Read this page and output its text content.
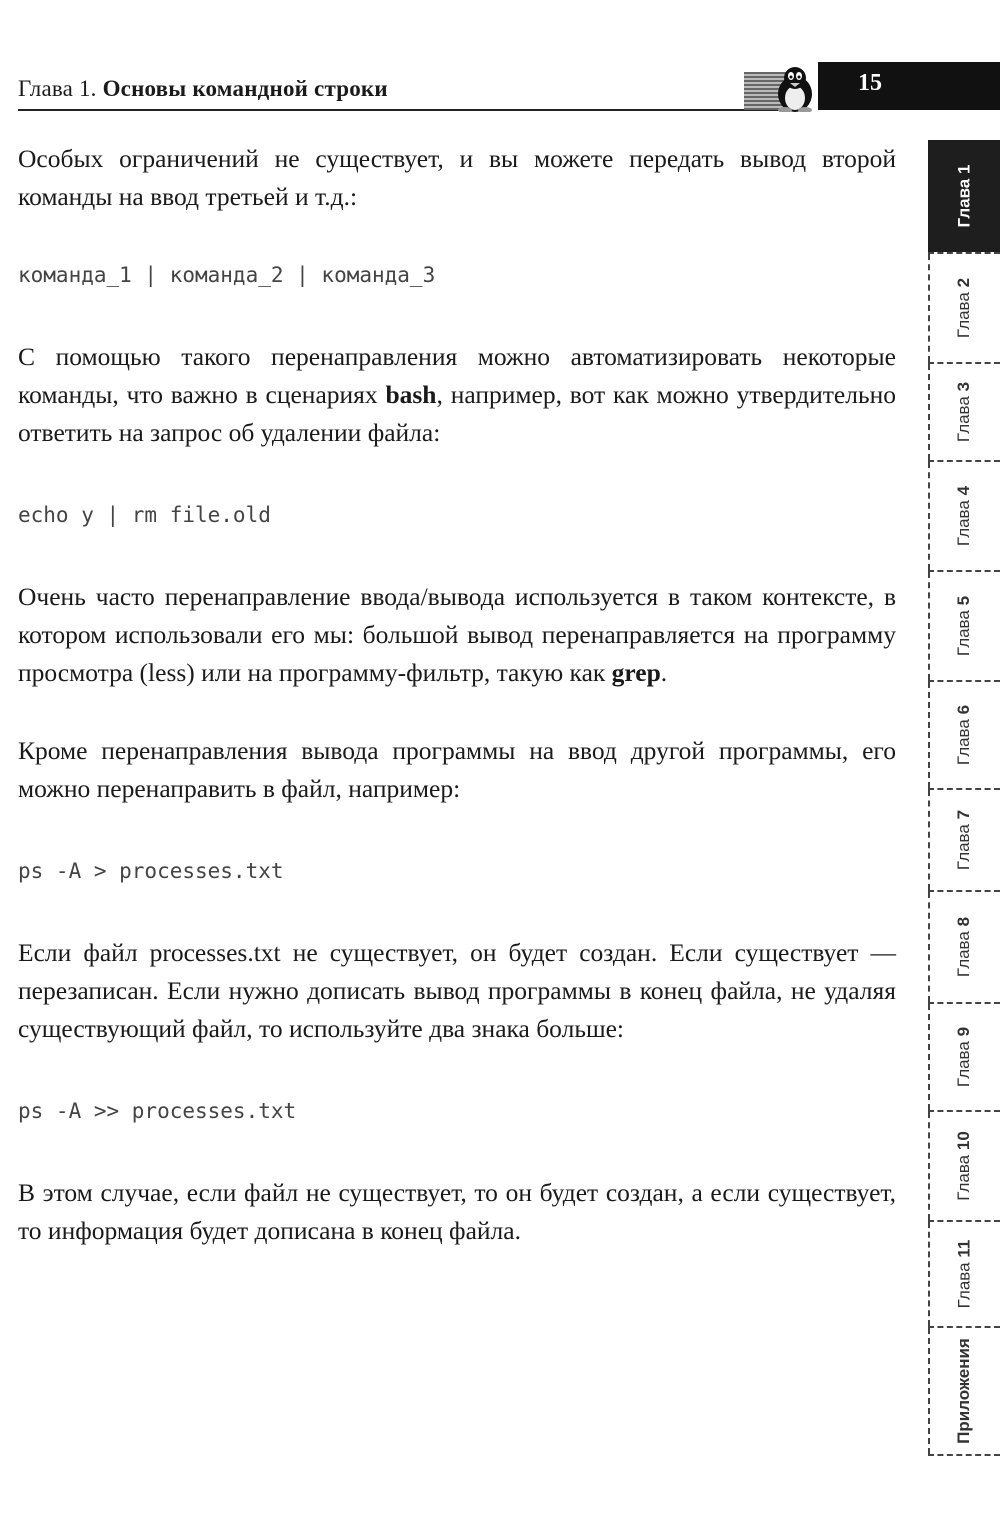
Глава 1. Основы командной строки	15

Особых ограничений не существует, и вы можете передать вывод второй команды на ввод третьей и т.д.:

команда_1 | команда_2 | команда_3

С помощью такого перенаправления можно автоматизировать некоторые команды, что важно в сценариях bash, например, вот как можно утвердительно ответить на запрос об удалении файла:

echo y | rm file.old

Очень часто перенаправление ввода/вывода используется в таком контексте, в котором использовали его мы: большой вывод перенаправляется на программу просмотра (less) или на программу-фильтр, такую как grep.

Кроме перенаправления вывода программы на ввод другой программы, его можно перенаправить в файл, например:

ps -A > processes.txt

Если файл processes.txt не существует, он будет создан. Если существует — перезаписан. Если нужно дописать вывод программы в конец файла, не удаляя существующий файл, то используйте два знака больше:

ps -A >> processes.txt

В этом случае, если файл не существует, то он будет создан, а если существует, то информация будет дописана в конец файла.

Глава 1
Глава 2
Глава 3
Глава 4
Глава 5
Глава 6
Глава 7
Глава 8
Глава 9
Глава 10
Глава 11
Приложения
